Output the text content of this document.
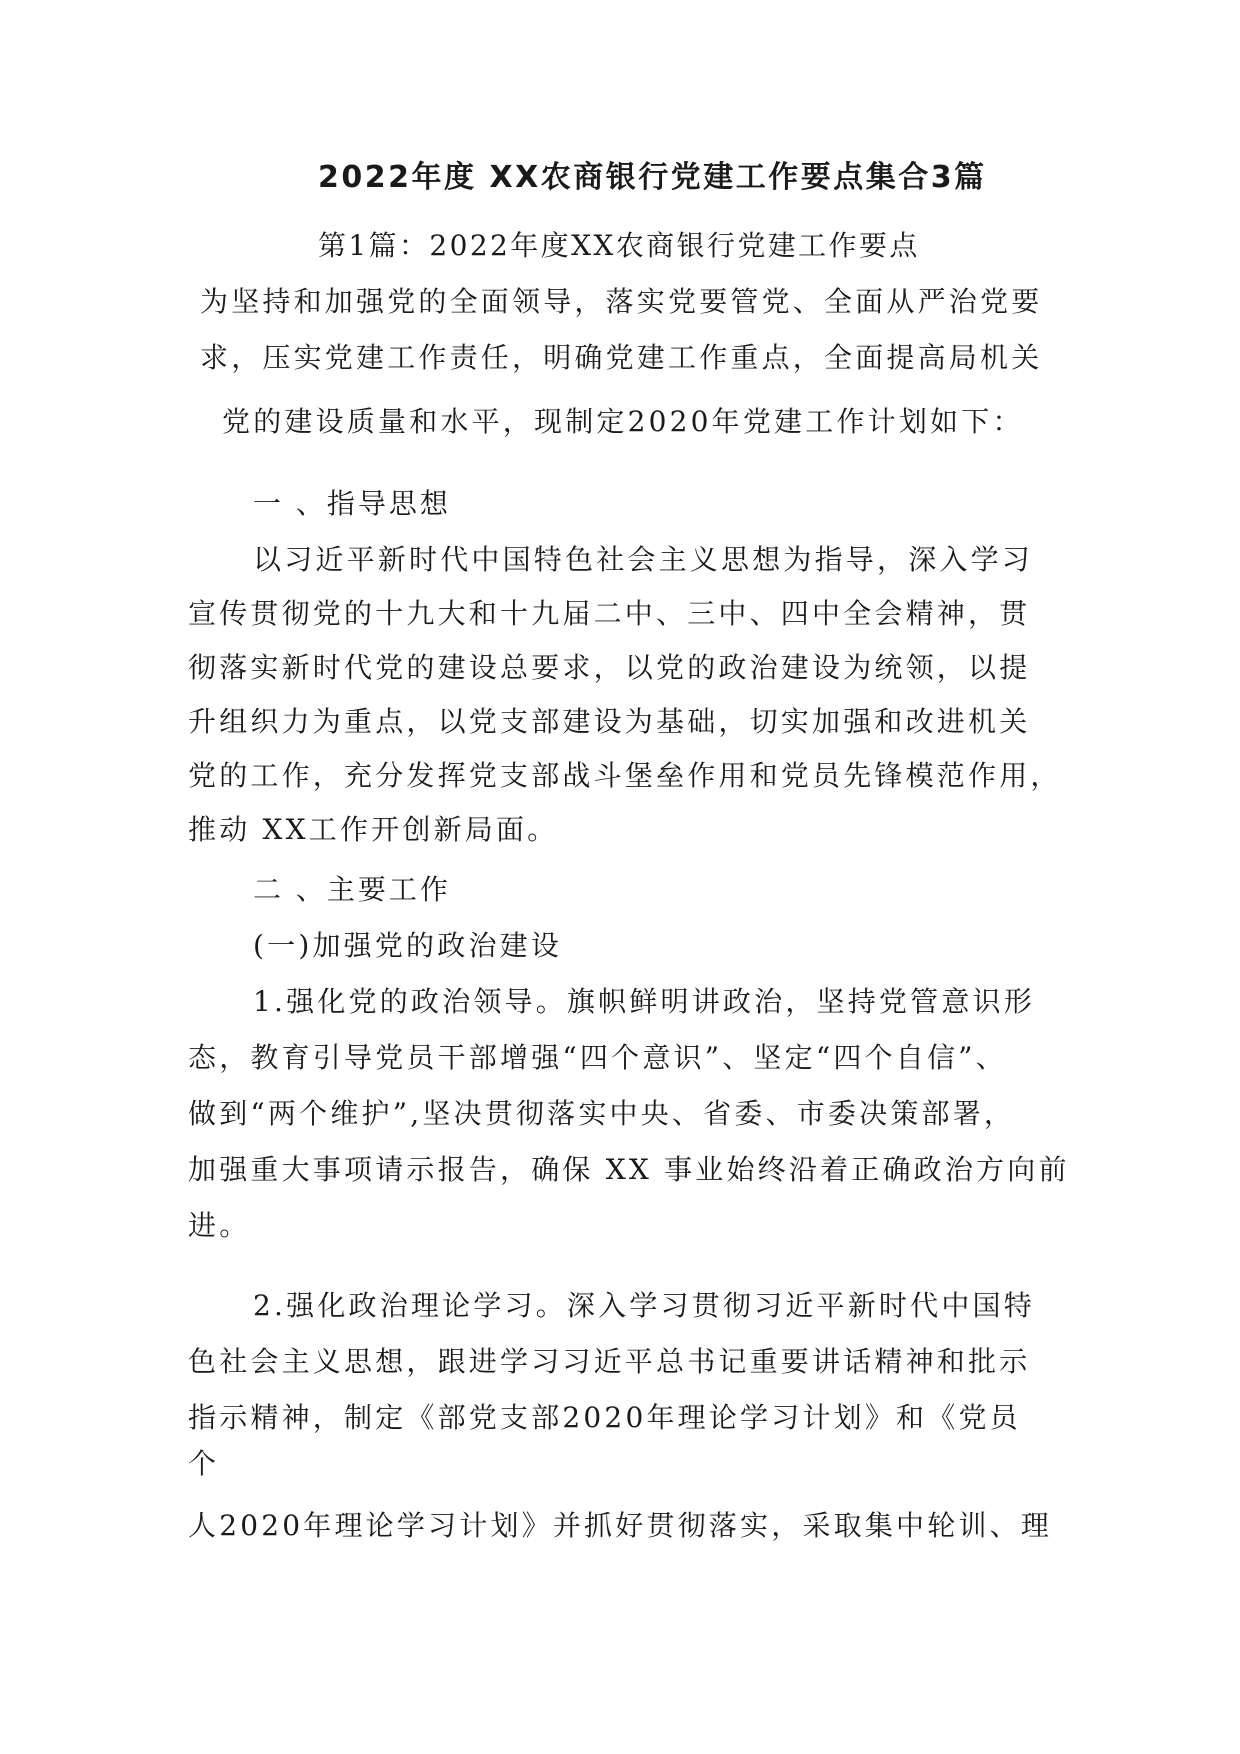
2022年度 XX农商银行党建工作要点集合3篇

第1篇：2022年度XX农商银行党建工作要点

为坚持和加强党的全面领导，落实党要管党、全面从严治党要

求，压实党建工作责任，明确党建工作重点，全面提高局机关

党的建设质量和水平，现制定2020年党建工作计划如下：

一 、指导思想

以习近平新时代中国特色社会主义思想为指导，深入学习

宣传贯彻党的十九大和十九届二中、三中、四中全会精神，贯

彻落实新时代党的建设总要求，以党的政治建设为统领，以提

升组织力为重点，以党支部建设为基础，切实加强和改进机关

党的工作，充分发挥党支部战斗堡垒作用和党员先锋模范作用，

推动 XX工作开创新局面。

二 、主要工作

(一)加强党的政治建设

1.强化党的政治领导。旗帜鲜明讲政治，坚持党管意识形

态，教育引导党员干部增强“四个意识”、坚定“四个自信”、

做到“两个维护”,坚决贯彻落实中央、省委、市委决策部署，

加强重大事项请示报告，确保 XX 事业始终沿着正确政治方向前

进。

2.强化政治理论学习。深入学习贯彻习近平新时代中国特

色社会主义思想，跟进学习习近平总书记重要讲话精神和批示

指示精神，制定《部党支部2020年理论学习计划》和《党员

个

人2020年理论学习计划》并抓好贯彻落实，采取集中轮训、理
